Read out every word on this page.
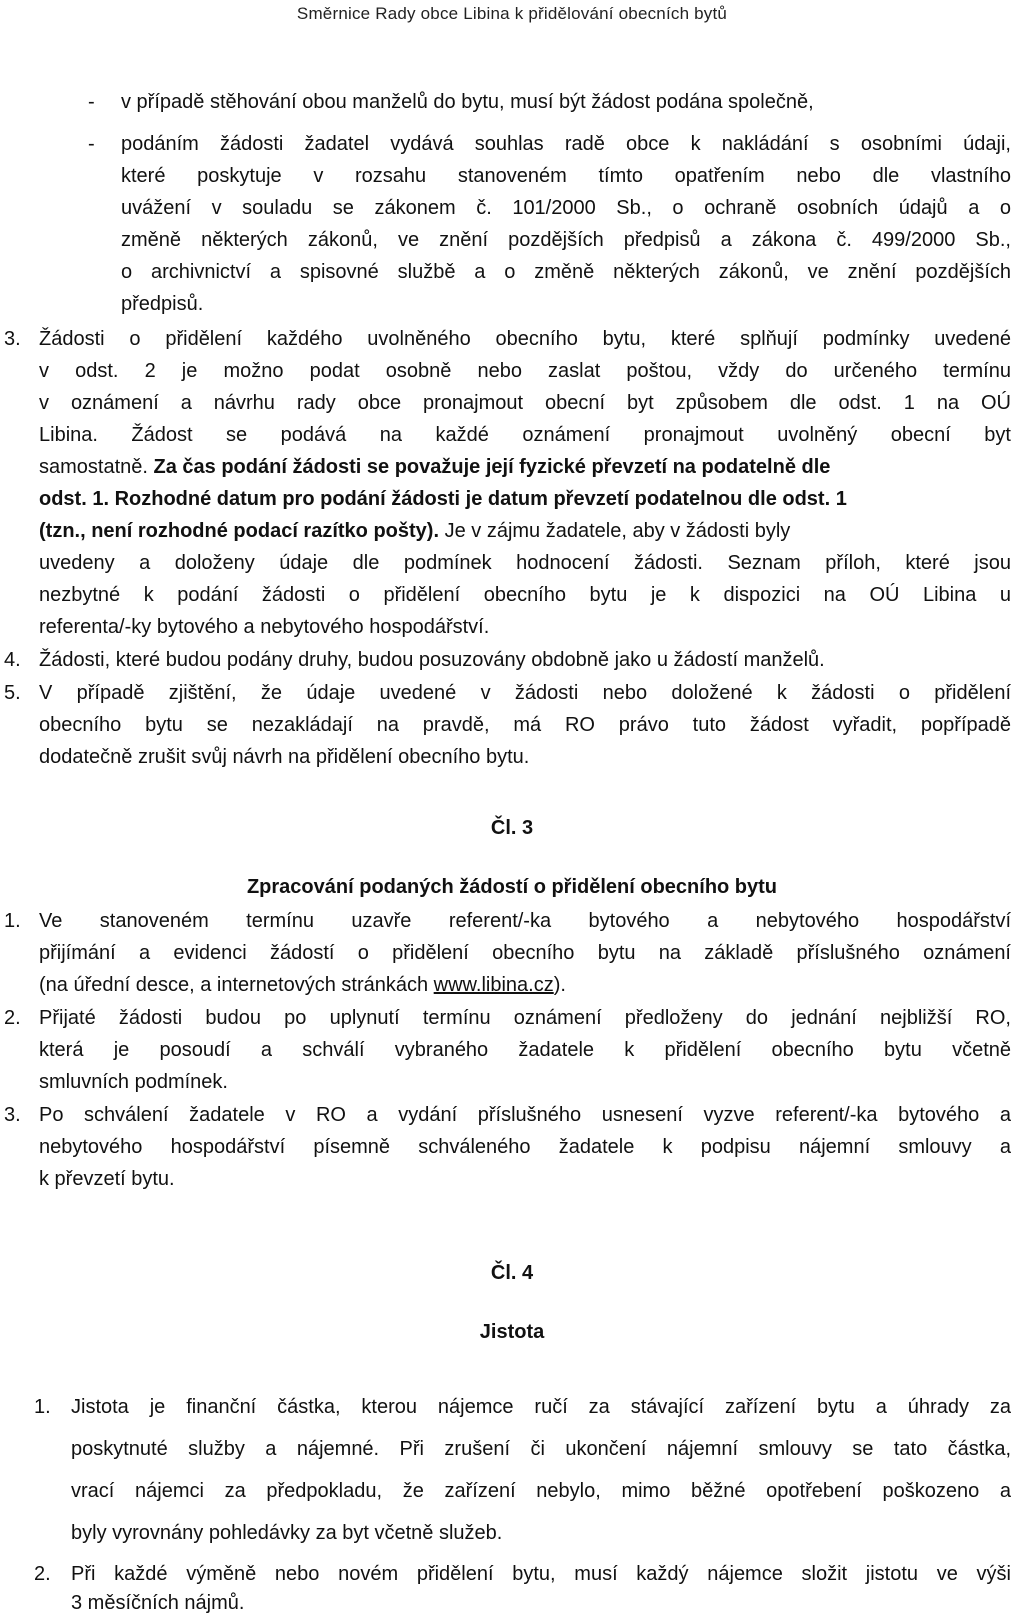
Směrnice Rady obce Libina k přidělování obecních bytů
- v případě stěhování obou manželů do bytu, musí být žádost podána společně,
- podáním žádosti žadatel vydává souhlas radě obce k nakládání s osobními údaji,
které poskytuje v rozsahu stanoveném tímto opatřením nebo dle vlastního
uvážení v souladu se zákonem č. 101/2000 Sb., o ochraně osobních údajů a o
změně některých zákonů, ve znění pozdějších předpisů a zákona č. 499/2000 Sb.,
o archivnictví a spisovné službě a o změně některých zákonů, ve znění pozdějších
předpisů.
3. Žádosti o přidělení každého uvolněného obecního bytu, které splňují podmínky uvedené
v odst. 2 je možno podat osobně nebo zaslat poštou, vždy do určeného termínu
v oznámení a návrhu rady obce pronajmout obecní byt způsobem dle odst. 1 na OÚ
Libina. Žádost se podává na každé oznámení pronajmout uvolněný obecní byt
samostatně. Za čas podání žádosti se považuje její fyzické převzetí na podatelně dle
odst. 1. Rozhodné datum pro podání žádosti je datum převzetí podatelnou dle odst. 1
(tzn., není rozhodné podací razítko pošty). Je v zájmu žadatele, aby v žádosti byly
uvedeny a doloženy údaje dle podmínek hodnocení žádosti. Seznam příloh, které jsou
nezbytné k podání žádosti o přidělení obecního bytu je k dispozici na OÚ Libina u
referenta/-ky bytového a nebytového hospodářství.
4. Žádosti, které budou podány druhy, budou posuzovány obdobně jako u žádostí manželů.
5. V případě zjištění, že údaje uvedené v žádosti nebo doložené k žádosti o přidělení
obecního bytu se nezakládají na pravdě, má RO právo tuto žádost vyřadit, popřípadě
dodatečně zrušit svůj návrh na přidělení obecního bytu.
Čl. 3
Zpracování podaných žádostí o přidělení obecního bytu
1. Ve stanoveném termínu uzavře referent/-ka bytového a nebytového hospodářství
přijímání a evidenci žádostí o přidělení obecního bytu na základě příslušného oznámení
(na úřední desce, a internetových stránkách www.libina.cz).
2. Přijaté žádosti budou po uplynutí termínu oznámení předloženy do jednání nejbližší RO,
která je posoudí a schválí vybraného žadatele k přidělení obecního bytu včetně
smluvních podmínek.
3. Po schválení žadatele v RO a vydání příslušného usnesení vyzve referent/-ka bytového a
nebytového hospodářství písemně schváleného žadatele k podpisu nájemní smlouvy a
k převzetí bytu.
Čl. 4
Jistota
1. Jistota je finanční částka, kterou nájemce ručí za stávající zařízení bytu a úhrady za
poskytnuté služby a nájemné. Při zrušení či ukončení nájemní smlouvy se tato částka,
vrací nájemci za předpokladu, že zařízení nebylo, mimo běžné opotřebení poškozeno a
byly vyrovnány pohledávky za byt včetně služeb.
2. Při každé výměně nebo novém přidělení bytu, musí každý nájemce složit jistotu ve výši
3 měsíčních nájmů.
